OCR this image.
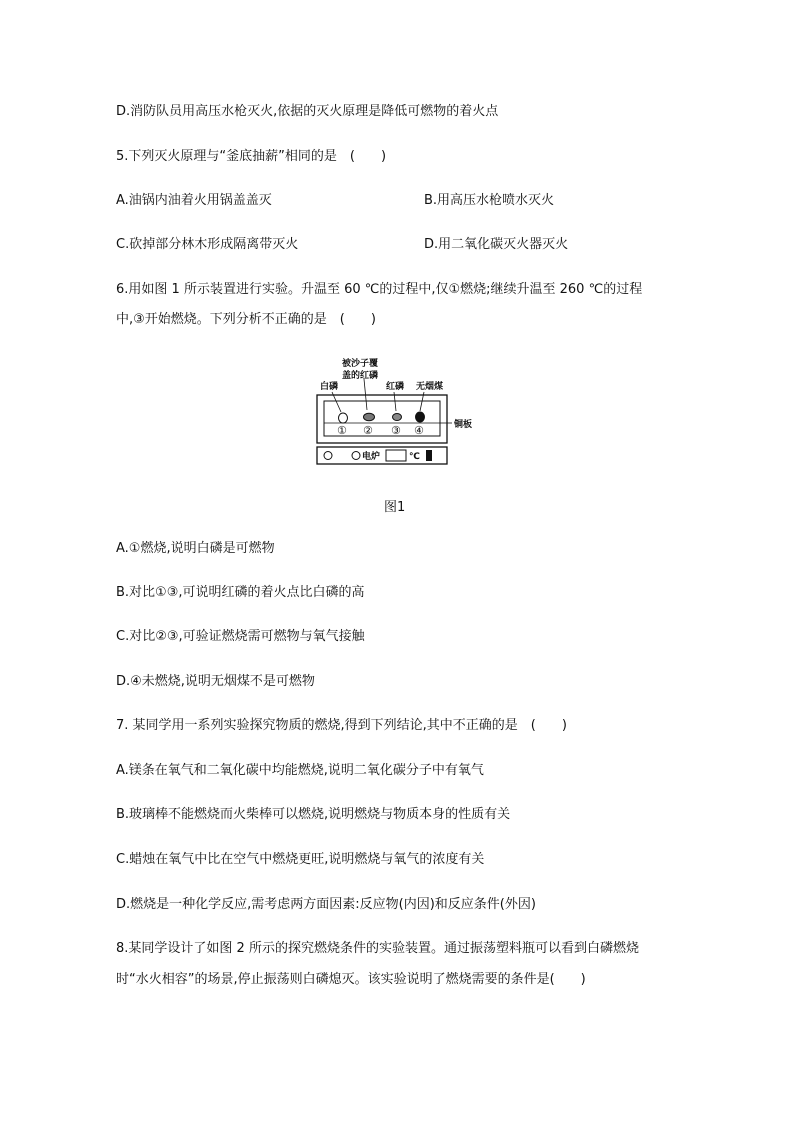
D.消防队员用高压水枪灭火,依据的灭火原理是降低可燃物的着火点
5.下列灭火原理与“釜底抽薪”相同的是　(　　)
A.油锅内油着火用锅盖盖灭	B.用高压水枪喷水灭火
C.砍掉部分林木形成隔离带灭火	D.用二氧化碳灭火器灭火
6.用如图 1 所示装置进行实验。升温至 60 ℃的过程中,仅①燃烧;继续升温至 260 ℃的过程
中,③开始燃烧。下列分析不正确的是　(　　)
被沙子覆
盖的红磷
白磷	红磷 无烟煤
① ② ③ ④	铜板
电炉	℃
图1
A.①燃烧,说明白磷是可燃物
B.对比①③,可说明红磷的着火点比白磷的高
C.对比②③,可验证燃烧需可燃物与氧气接触
D.④未燃烧,说明无烟煤不是可燃物
7. 某同学用一系列实验探究物质的燃烧,得到下列结论,其中不正确的是　(　　)
A.镁条在氧气和二氧化碳中均能燃烧,说明二氧化碳分子中有氧气
B.玻璃棒不能燃烧而火柴棒可以燃烧,说明燃烧与物质本身的性质有关
C.蜡烛在氧气中比在空气中燃烧更旺,说明燃烧与氧气的浓度有关
D.燃烧是一种化学反应,需考虑两方面因素:反应物(内因)和反应条件(外因)
8.某同学设计了如图 2 所示的探究燃烧条件的实验装置。通过振荡塑料瓶可以看到白磷燃烧
时“水火相容”的场景,停止振荡则白磷熄灭。该实验说明了燃烧需要的条件是(　　)
